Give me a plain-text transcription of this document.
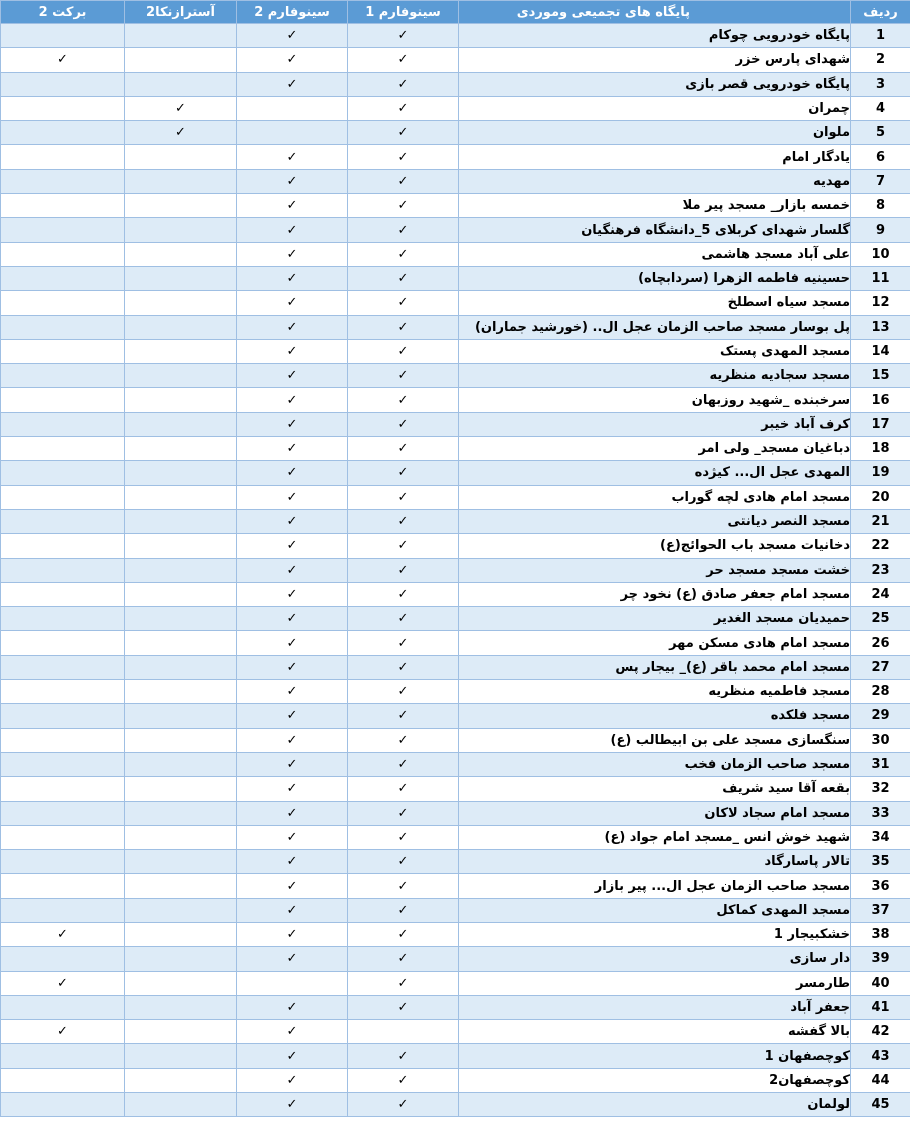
ردیف	پایگاه های تجمیعی وموردی	سینوفارم 1	سینوفارم 2	آسترازنکا2	برکت 2
1	پایگاه خودرویی چوکام	✓	✓		
2	شهدای پارس خزر	✓	✓		✓
3	پایگاه خودرویی قصر بازی	✓	✓		
4	چمران	✓		✓	
5	ملوان	✓		✓	
6	یادگار امام	✓	✓		
7	مهدیه	✓	✓		
8	خمسه بازار_ مسجد پیر ملا	✓	✓		
9	گلسار شهدای کربلای 5_دانشگاه فرهنگیان	✓	✓		
10	علی آباد مسجد هاشمی	✓	✓		
11	حسینیه فاطمه الزهرا (سردابچاه)	✓	✓		
12	مسجد سیاه اسطلخ	✓	✓		
13	پل بوسار مسجد صاحب الزمان عجل ال.. (خورشید جماران)	✓	✓		
14	مسجد المهدی پستک	✓	✓		
15	مسجد سجادیه منظریه	✓	✓		
16	سرخبنده _شهید روزبهان	✓	✓		
17	کرف آباد خیبر	✓	✓		
18	دباغیان مسجد_ ولی امر	✓	✓		
19	المهدی عجل ال... کیژده	✓	✓		
20	مسجد امام هادی لچه گوراب	✓	✓		
21	مسجد النصر دیانتی	✓	✓		
22	دخانیات مسجد باب الحوائج(ع)	✓	✓		
23	خشت مسجد مسجد حر	✓	✓		
24	مسجد امام جعفر صادق (ع) نخود چر	✓	✓		
25	حمیدیان مسجد الغدیر	✓	✓		
26	مسجد امام هادی مسکن مهر	✓	✓		
27	مسجد امام محمد باقر (ع)_ بیجار پس	✓	✓		
28	مسجد فاطمیه منظریه	✓	✓		
29	مسجد فلکده	✓	✓		
30	سنگسازی مسجد علی بن ابیطالب (ع)	✓	✓		
31	مسجد صاحب الزمان فخب	✓	✓		
32	بقعه آقا سید شریف	✓	✓		
33	مسجد امام سجاد لاکان	✓	✓		
34	شهید خوش انس _مسجد امام جواد (ع)	✓	✓		
35	تالار پاسارگاد	✓	✓		
36	مسجد صاحب الزمان عجل ال... پیر بازار	✓	✓		
37	مسجد المهدی کماکل	✓	✓		
38	خشکبیجار 1	✓	✓		✓
39	دار سازی	✓	✓		
40	طارمسر	✓			✓
41	جعفر آباد	✓	✓		
42	بالا گفشه		✓		✓
43	کوچصفهان 1	✓	✓		
44	کوچصفهان2	✓	✓		
45	لولمان	✓	✓		
